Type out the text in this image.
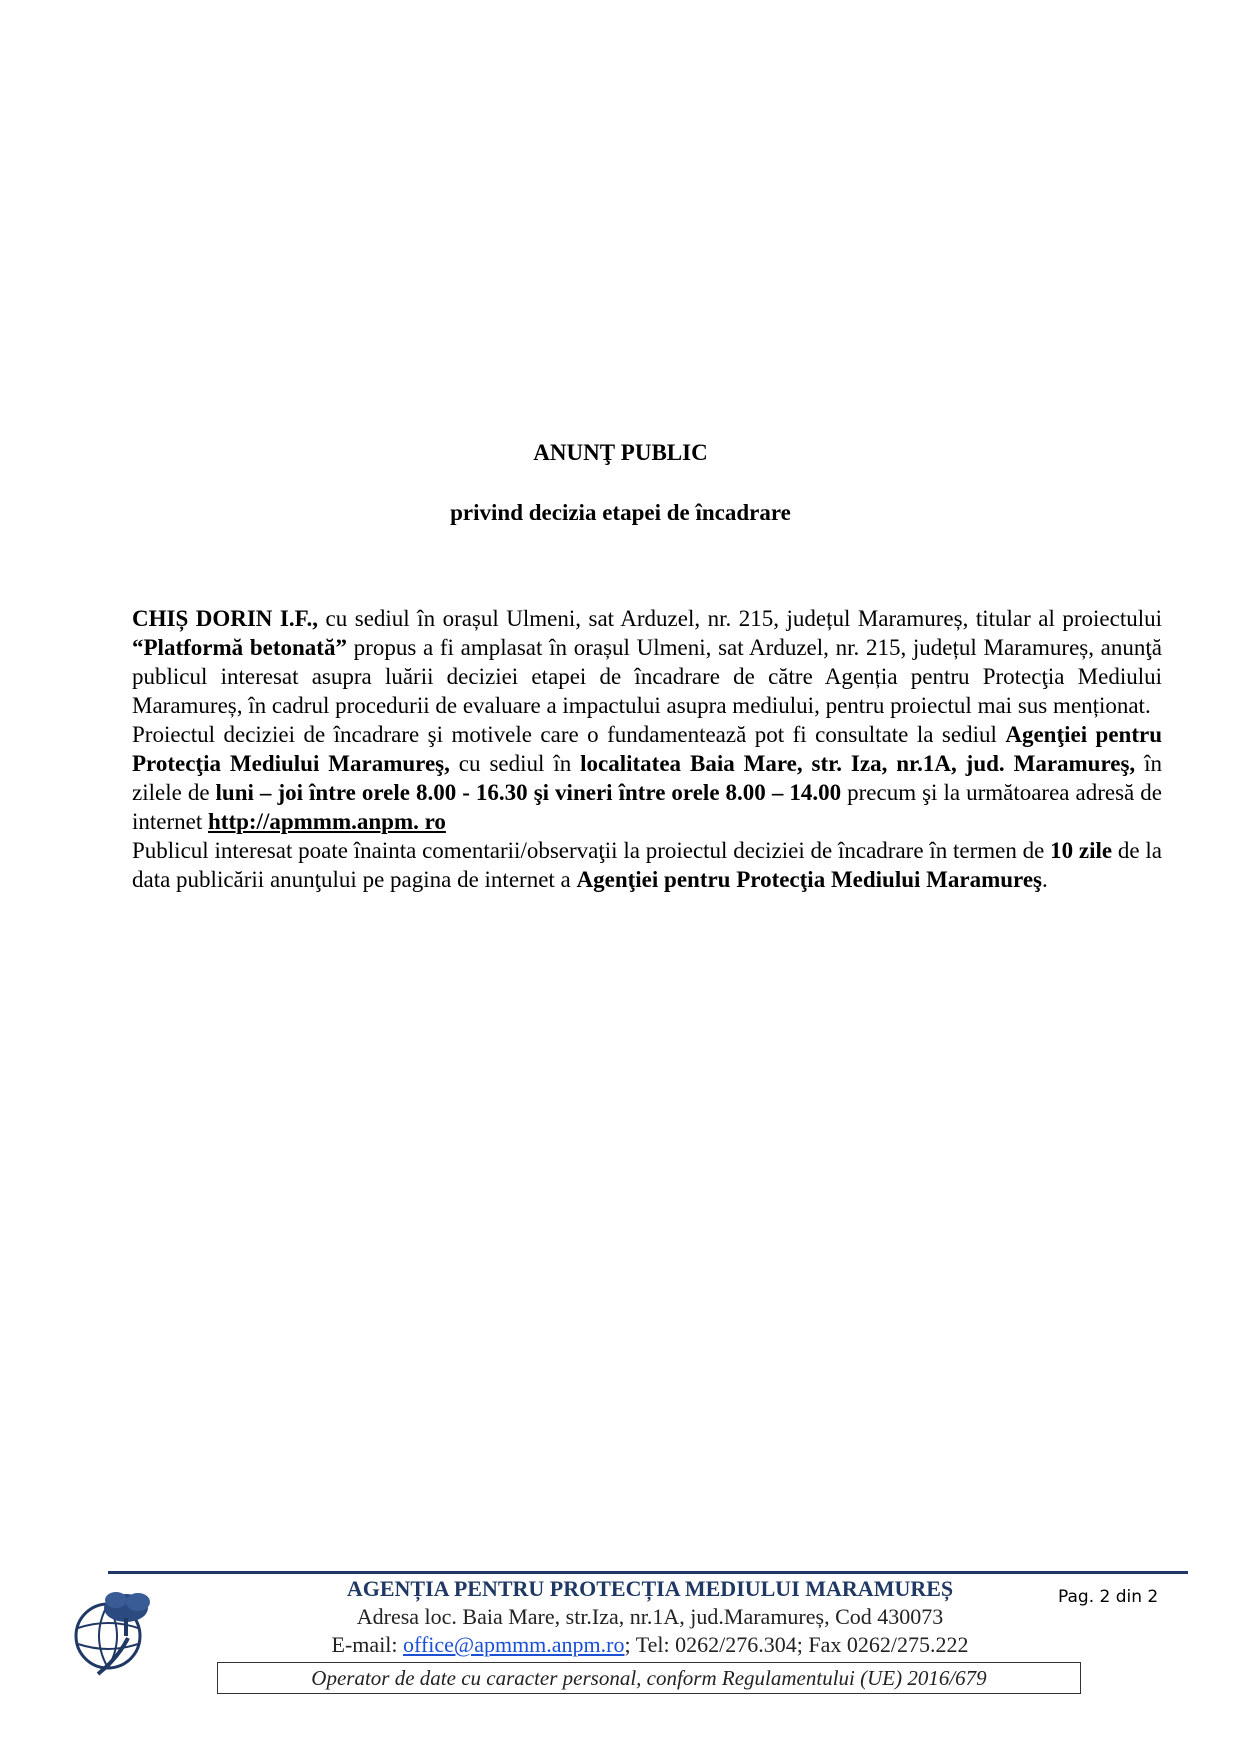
ANUNŢ PUBLIC
privind decizia etapei de încadrare

CHIȘ DORIN I.F., cu sediul în orașul Ulmeni, sat Arduzel, nr. 215, județul Maramureș, titular al proiectului “Platformă betonată” propus a fi amplasat în orașul Ulmeni, sat Arduzel, nr. 215, județul Maramureș, anunţă publicul interesat asupra luării deciziei etapei de încadrare de către Agenția pentru Protecţia Mediului Maramureș, în cadrul procedurii de evaluare a impactului asupra mediului, pentru proiectul mai sus menționat.

Proiectul deciziei de încadrare şi motivele care o fundamentează pot fi consultate la sediul Agenţiei pentru Protecţia Mediului Maramureş, cu sediul în localitatea Baia Mare, str. Iza, nr.1A, jud. Maramureş, în zilele de luni – joi între orele 8.00 - 16.30 şi vineri între orele 8.00 – 14.00 precum şi la următoarea adresă de internet http://apmmm.anpm. ro

Publicul interesat poate înainta comentarii/observaţii la proiectul deciziei de încadrare în termen de 10 zile de la data publicării anunţului pe pagina de internet a Agenţiei pentru Protecţia Mediului Maramureş.

AGENȚIA PENTRU PROTECȚIA MEDIULUI MARAMUREȘ
Adresa loc. Baia Mare, str.Iza, nr.1A, jud.Maramureș, Cod 430073
E-mail: office@apmmm.anpm.ro; Tel: 0262/276.304; Fax 0262/275.222
Pag. 2 din 2
Operator de date cu caracter personal, conform Regulamentului (UE) 2016/679
